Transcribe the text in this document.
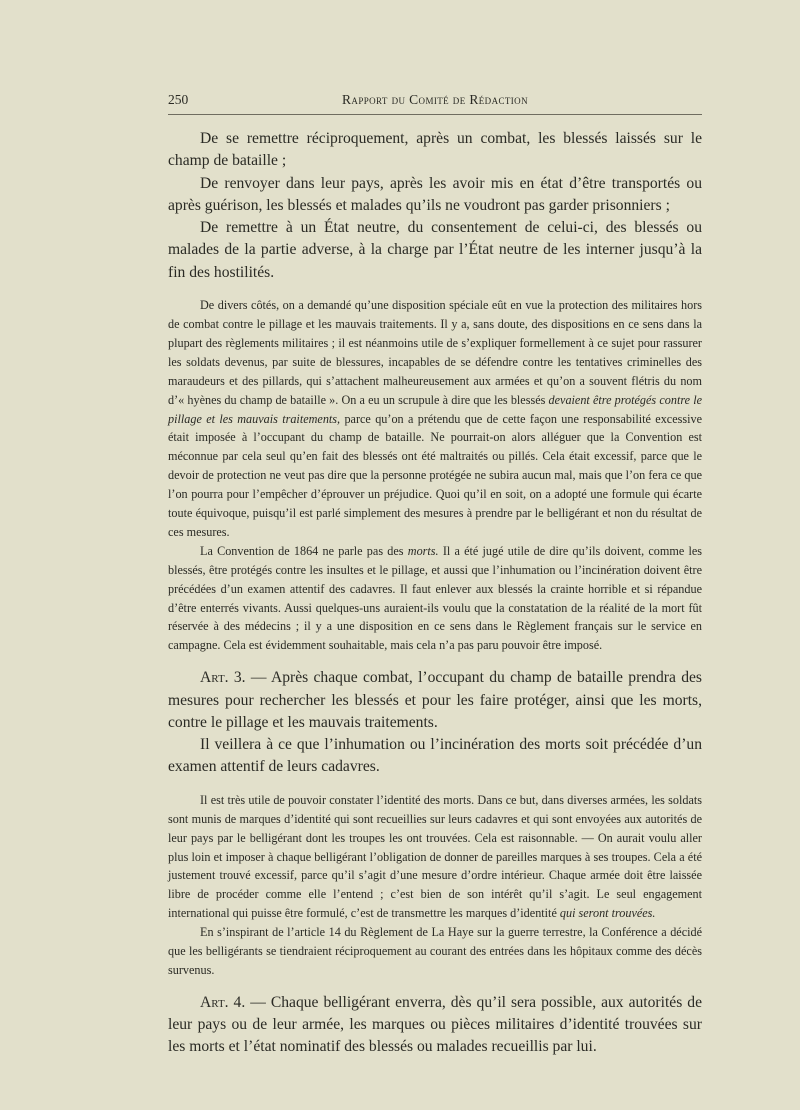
250	Rapport du Comité de Rédaction

De se remettre réciproquement, après un combat, les blessés laissés sur le champ de bataille ;

De renvoyer dans leur pays, après les avoir mis en état d’être transportés ou après guérison, les blessés et malades qu’ils ne voudront pas garder prisonniers ;

De remettre à un État neutre, du consentement de celui-ci, des blessés ou malades de la partie adverse, à la charge par l’État neutre de les interner jusqu’à la fin des hostilités.

De divers côtés, on a demandé qu’une disposition spéciale eût en vue la protection des militaires hors de combat contre le pillage et les mauvais traitements. Il y a, sans doute, des dispositions en ce sens dans la plupart des règlements militaires ; il est néanmoins utile de s’expliquer formellement à ce sujet pour rassurer les soldats devenus, par suite de blessures, incapables de se défendre contre les tentatives criminelles des maraudeurs et des pillards, qui s’attachent malheureusement aux armées et qu’on a souvent flétris du nom d’« hyènes du champ de bataille ». On a eu un scrupule à dire que les blessés devaient être protégés contre le pillage et les mauvais traitements, parce qu’on a prétendu que de cette façon une responsabilité excessive était imposée à l’occupant du champ de bataille. Ne pourrait-on alors alléguer que la Convention est méconnue par cela seul qu’en fait des blessés ont été maltraités ou pillés. Cela était excessif, parce que le devoir de protection ne veut pas dire que la personne protégée ne subira aucun mal, mais que l’on fera ce que l’on pourra pour l’empêcher d’éprouver un préjudice. Quoi qu’il en soit, on a adopté une formule qui écarte toute équivoque, puisqu’il est parlé simplement des mesures à prendre par le belligérant et non du résultat de ces mesures.

La Convention de 1864 ne parle pas des morts. Il a été jugé utile de dire qu’ils doivent, comme les blessés, être protégés contre les insultes et le pillage, et aussi que l’inhumation ou l’incinération doivent être précédées d’un examen attentif des cadavres. Il faut enlever aux blessés la crainte horrible et si répandue d’être enterrés vivants. Aussi quelques-uns auraient-ils voulu que la constatation de la réalité de la mort fût réservée à des médecins ; il y a une disposition en ce sens dans le Règlement français sur le service en campagne. Cela est évidemment souhaitable, mais cela n’a pas paru pouvoir être imposé.

Art. 3. — Après chaque combat, l’occupant du champ de bataille prendra des mesures pour rechercher les blessés et pour les faire protéger, ainsi que les morts, contre le pillage et les mauvais traitements.

Il veillera à ce que l’inhumation ou l’incinération des morts soit précédée d’un examen attentif de leurs cadavres.

Il est très utile de pouvoir constater l’identité des morts. Dans ce but, dans diverses armées, les soldats sont munis de marques d’identité qui sont recueillies sur leurs cadavres et qui sont envoyées aux autorités de leur pays par le belligérant dont les troupes les ont trouvées. Cela est raisonnable. — On aurait voulu aller plus loin et imposer à chaque belligérant l’obligation de donner de pareilles marques à ses troupes. Cela a été justement trouvé excessif, parce qu’il s’agit d’une mesure d’ordre intérieur. Chaque armée doit être laissée libre de procéder comme elle l’entend ; c’est bien de son intérêt qu’il s’agit. Le seul engagement international qui puisse être formulé, c’est de transmettre les marques d’identité qui seront trouvées.

En s’inspirant de l’article 14 du Règlement de La Haye sur la guerre terrestre, la Conférence a décidé que les belligérants se tiendraient réciproquement au courant des entrées dans les hôpitaux comme des décès survenus.

Art. 4. — Chaque belligérant enverra, dès qu’il sera possible, aux autorités de leur pays ou de leur armée, les marques ou pièces militaires d’identité trouvées sur les morts et l’état nominatif des blessés ou malades recueillis par lui.
